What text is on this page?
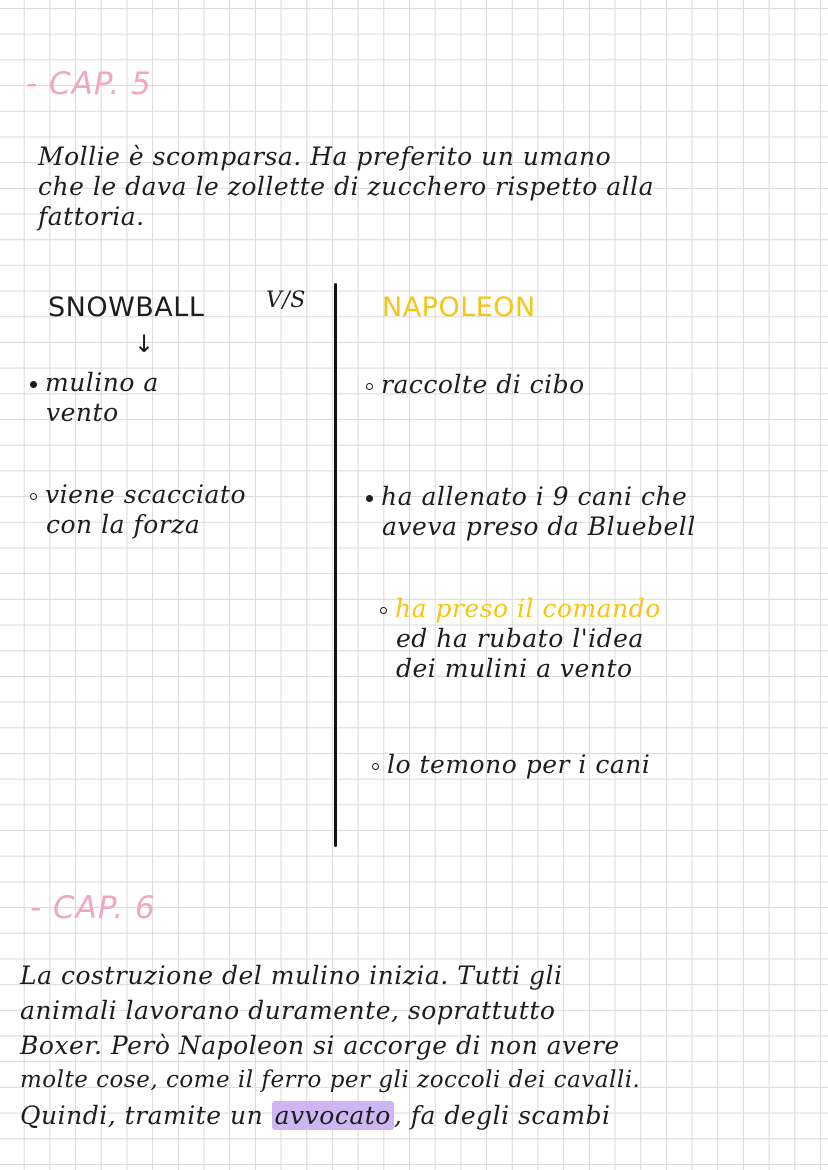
- CAP. 5
Mollie è scomparsa. Ha preferito un umano
che le dava le zollette di zucchero rispetto alla
fattoria.
SNOWBALL	V/S	NAPOLEON
↓
mulino a
vento
viene scacciato
con la forza
raccolte di cibo
ha allenato i 9 cani che
aveva preso da Bluebell
ha preso il comando
ed ha rubato l'idea
dei mulini a vento
lo temono per i cani
- CAP. 6
La costruzione del mulino inizia. Tutti gli
animali lavorano duramente, soprattutto
Boxer. Però Napoleon si accorge di non avere
molte cose, come il ferro per gli zoccoli dei cavalli.
Quindi, tramite un avvocato , fa degli scambi
